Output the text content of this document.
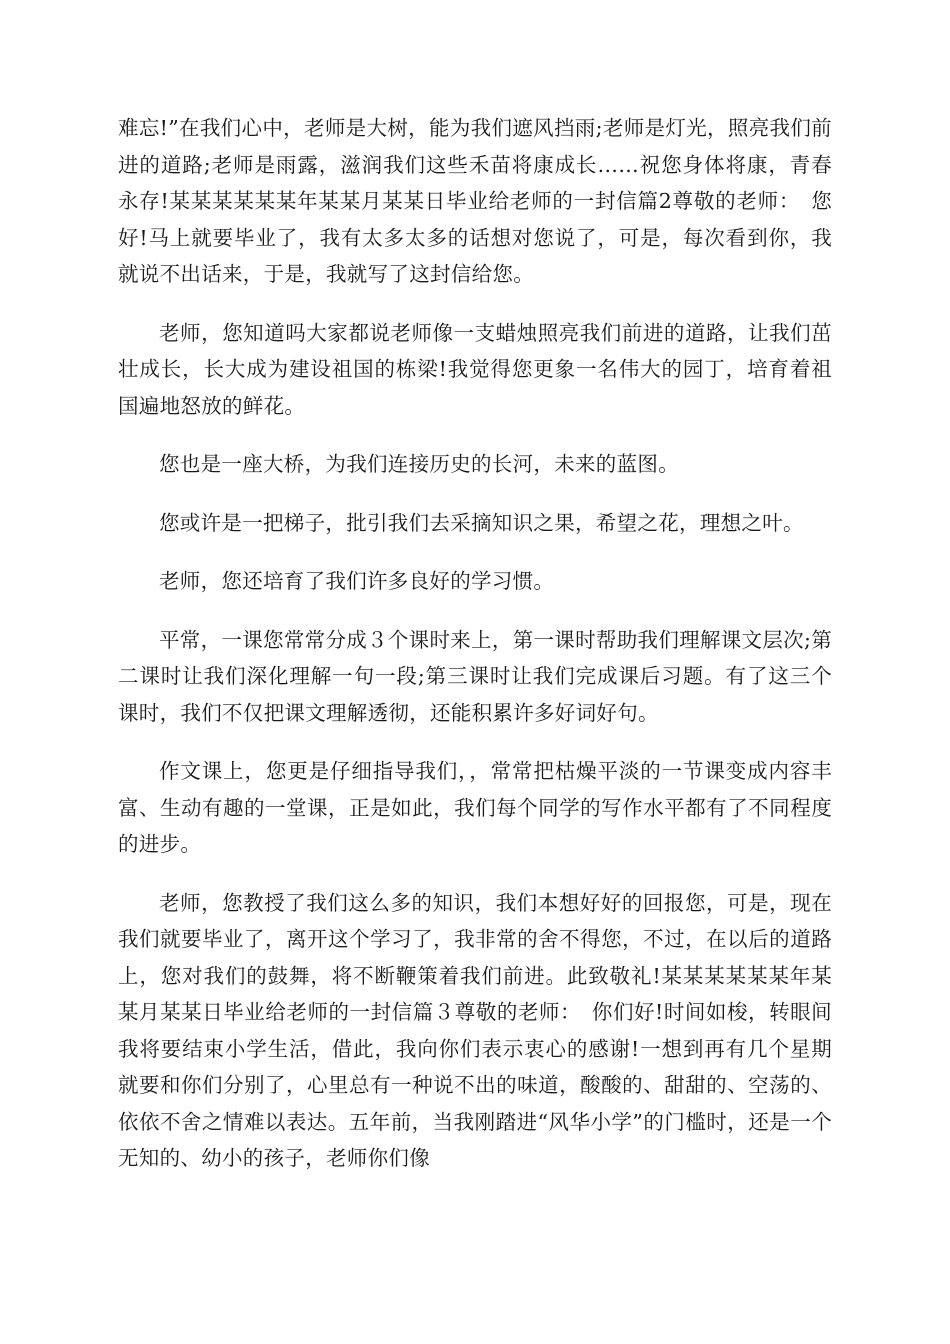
难忘!”在我们心中，老师是大树，能为我们遮风挡雨;老师是灯光，照亮我们前进的道路;老师是雨露，滋润我们这些禾苗将康成长……祝您身体将康，青春永存!某某某某某某年某某月某某日毕业给老师的一封信篇2尊敬的老师：　您好!马上就要毕业了，我有太多太多的话想对您说了，可是，每次看到你，我就说不出话来，于是，我就写了这封信给您。

老师，您知道吗大家都说老师像一支蜡烛照亮我们前进的道路，让我们茁壮成长，长大成为建设祖国的栋梁!我觉得您更象一名伟大的园丁，培育着祖国遍地怒放的鲜花。

您也是一座大桥，为我们连接历史的长河，未来的蓝图。

您或许是一把梯子，批引我们去采摘知识之果，希望之花，理想之叶。

老师，您还培育了我们许多良好的学习惯。

平常，一课您常常分成３个课时来上，第一课时帮助我们理解课文层次;第二课时让我们深化理解一句一段;第三课时让我们完成课后习题。有了这三个课时，我们不仅把课文理解透彻，还能积累许多好词好句。

作文课上，您更是仔细指导我们，，常常把枯燥平淡的一节课变成内容丰富、生动有趣的一堂课，正是如此，我们每个同学的写作水平都有了不同程度的进步。

老师，您教授了我们这么多的知识，我们本想好好的回报您，可是，现在我们就要毕业了，离开这个学习了，我非常的舍不得您，不过，在以后的道路上，您对我们的鼓舞，将不断鞭策着我们前进。此致敬礼!某某某某某某年某某月某某日毕业给老师的一封信篇３尊敬的老师：　你们好!时间如梭，转眼间我将要结束小学生活，借此，我向你们表示衷心的感谢!一想到再有几个星期就要和你们分别了，心里总有一种说不出的味道，酸酸的、甜甜的、空荡的、依依不舍之情难以表达。五年前，当我刚踏进“风华小学”的门槛时，还是一个无知的、幼小的孩子，老师你们像
